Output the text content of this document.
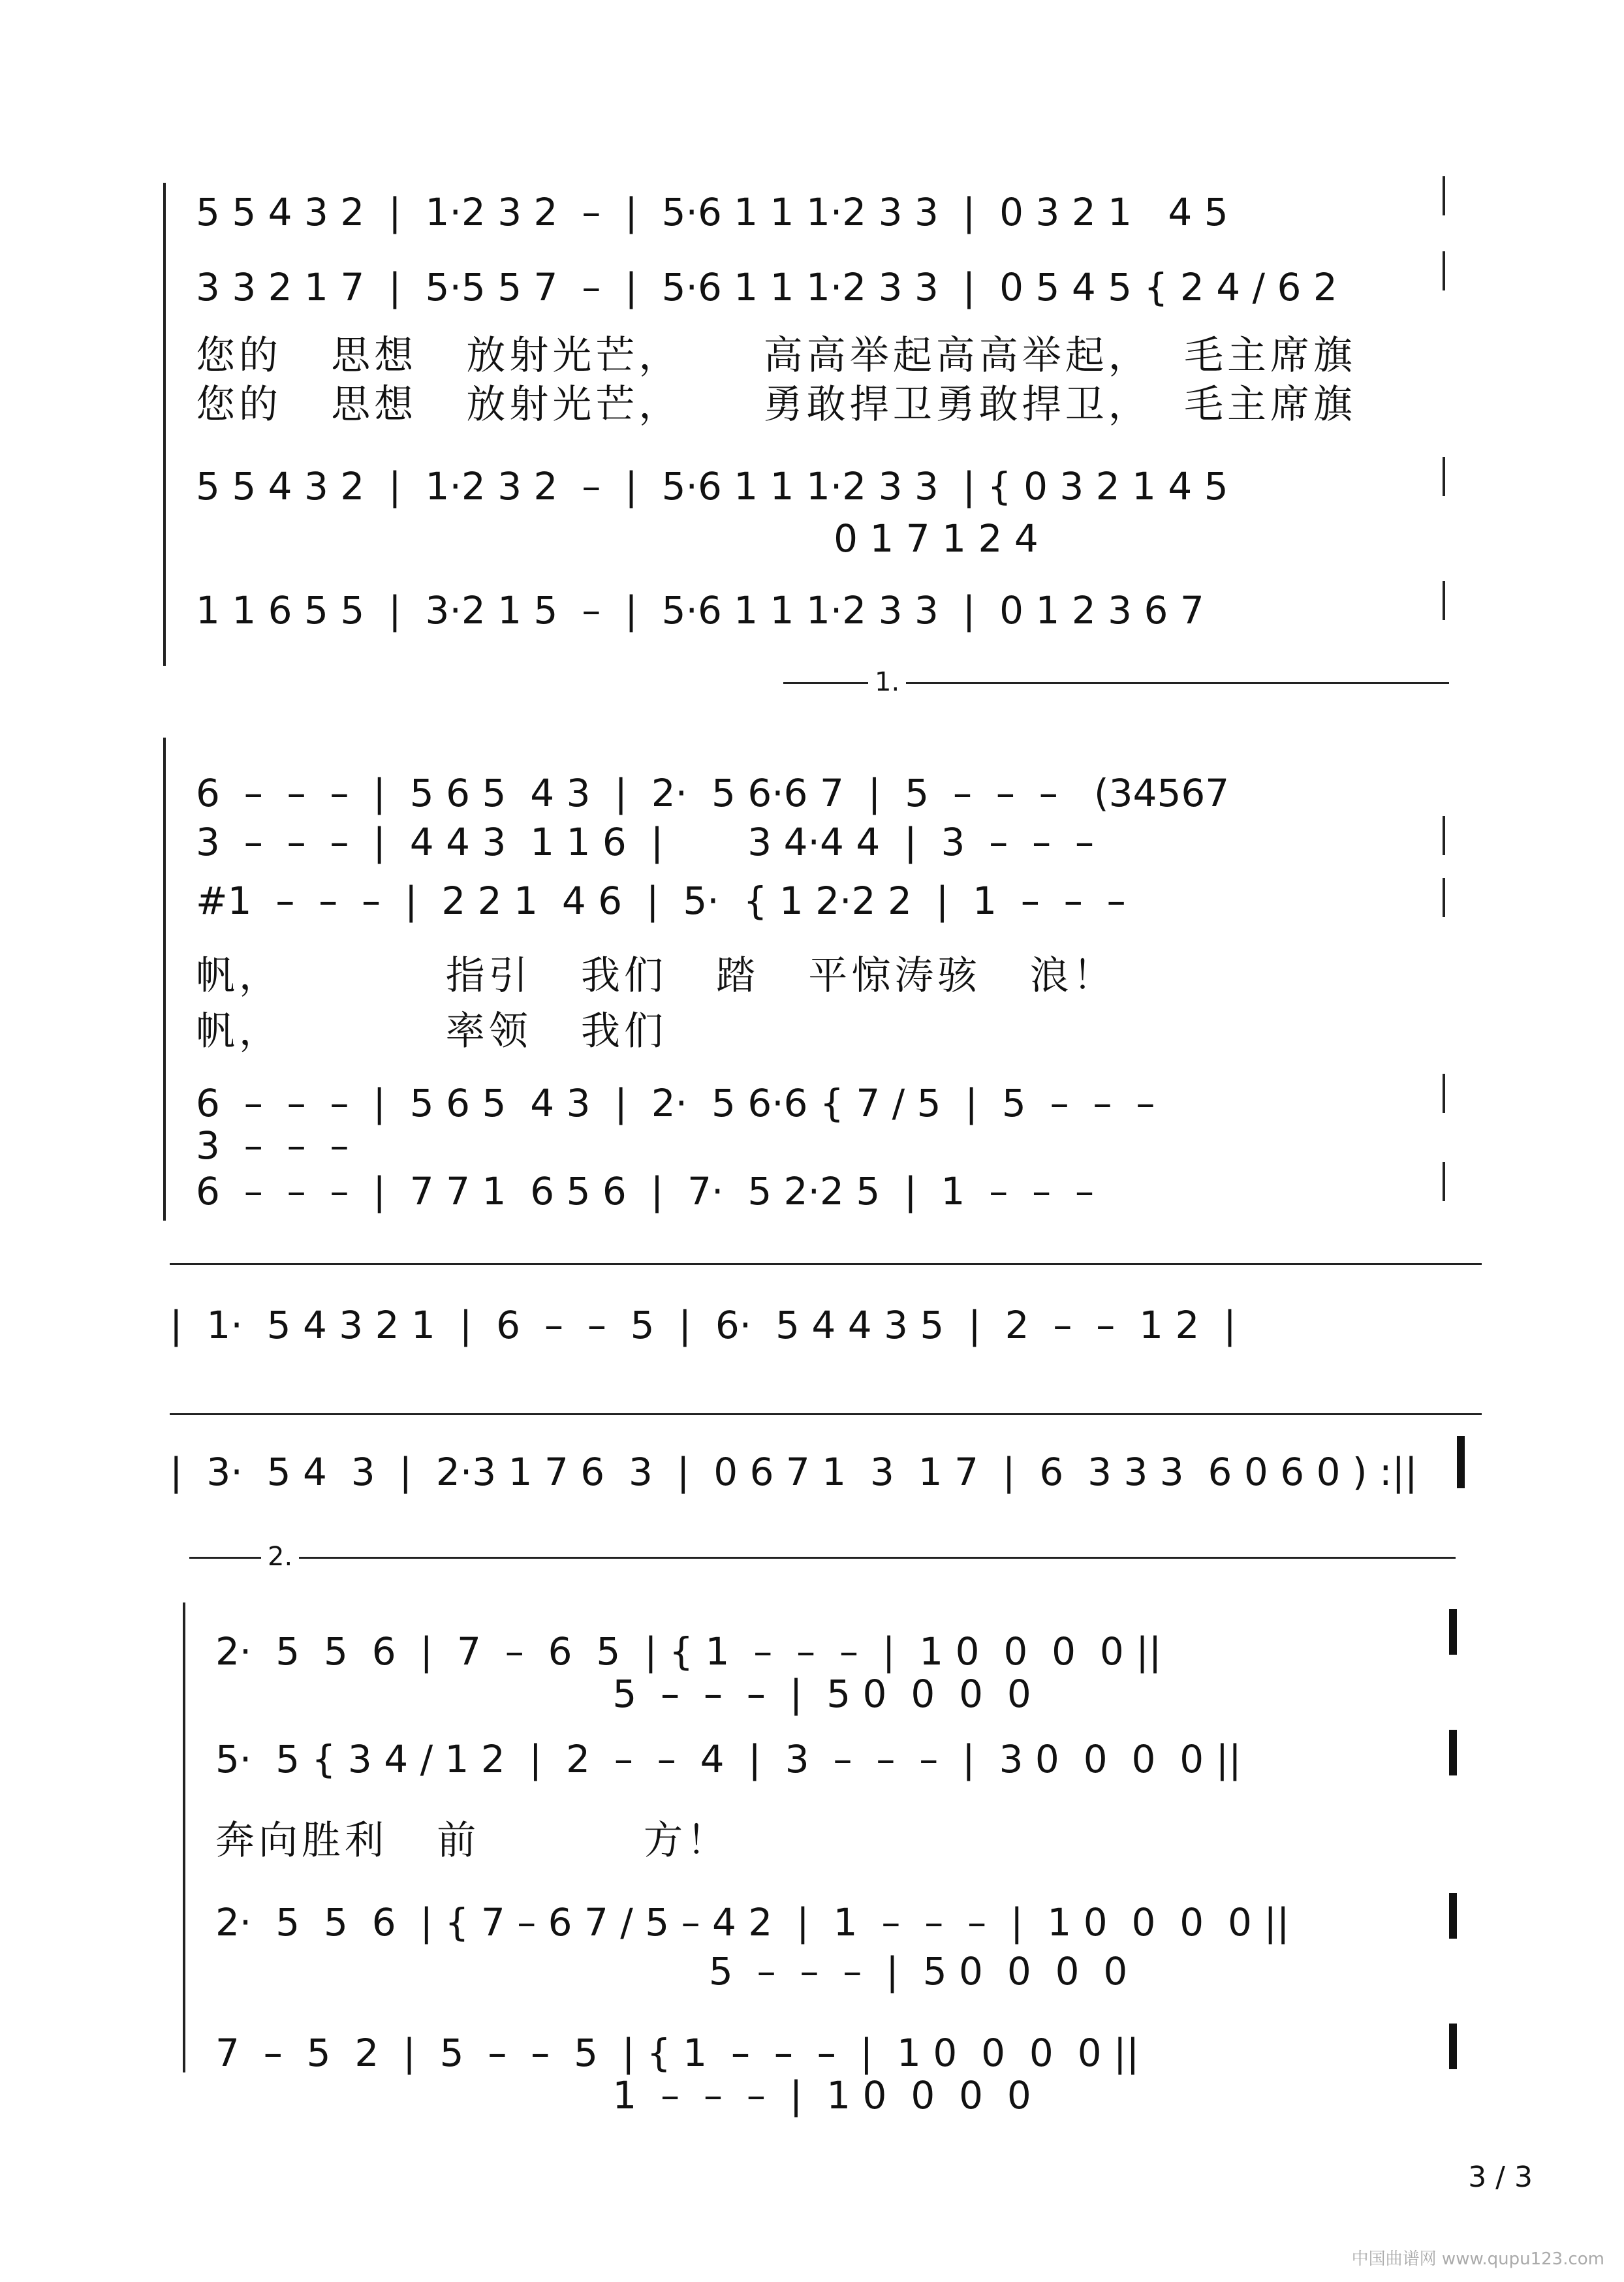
5 5 4 3 2  |  1·2 3 2  –  |  5·6 1 1 1·2 3 3  |  0 3 2 1   4 5
3 3 2 1 7  |  5·5 5 7  –  |  5·6 1 1 1·2 3 3  |  0 5 4 5 { 2 4 / 6 2
您的   思想   放射光芒，     高高举起高高举起，  毛主席旗
您的   思想   放射光芒，     勇敢捍卫勇敢捍卫，  毛主席旗
5 5 4 3 2  |  1·2 3 2  –  |  5·6 1 1 1·2 3 3  | { 0 3 2 1 4 5
0 1 7 1 2 4
1 1 6 5 5  |  3·2 1 5  –  |  5·6 1 1 1·2 3 3  |  0 1 2 3 6 7
1.
6  –  –  –  |  5 6 5  4 3  |  2·  5 6·6 7  |  5  –  –  –   (34567
3  –  –  –  |  4 4 3  1 1 6  |       3 4·4 4  |  3  –  –  –
#1  –  –  –  |  2 2 1  4 6  |  5·  { 1 2·2 2  |  1  –  –  –
帆，          指引   我们   踏   平惊涛骇   浪！
帆，          率领   我们
6  –  –  –  |  5 6 5  4 3  |  2·  5 6·6 { 7 / 5  |  5  –  –  –
3  –  –  –
6  –  –  –  |  7 7 1  6 5 6  |  7·  5 2·2 5  |  1  –  –  –
|  1·  5 4 3 2 1  |  6  –  –  5  |  6·  5 4 4 3 5  |  2  –  –  1 2  |
|  3·  5 4  3  |  2·3 1 7 6  3  |  0 6 7 1  3  1 7  |  6  3 3 3  6 0 6 0 ) :||
2.
2·  5  5  6  |  7  –  6  5  | { 1  –  –  –  |  1 0  0  0  0 ||
5  –  –  –  |  5 0  0  0  0
5·  5 { 3 4 / 1 2  |  2  –  –  4  |  3  –  –  –  |  3 0  0  0  0 ||
奔向胜利   前          方！
2·  5  5  6  | { 7 – 6 7 / 5 – 4 2  |  1  –  –  –  |  1 0  0  0  0 ||
5  –  –  –  |  5 0  0  0  0
7  –  5  2  |  5  –  –  5  | { 1  –  –  –  |  1 0  0  0  0 ||
1  –  –  –  |  1 0  0  0  0
3 / 3
中国曲谱网 www.qupu123.com
